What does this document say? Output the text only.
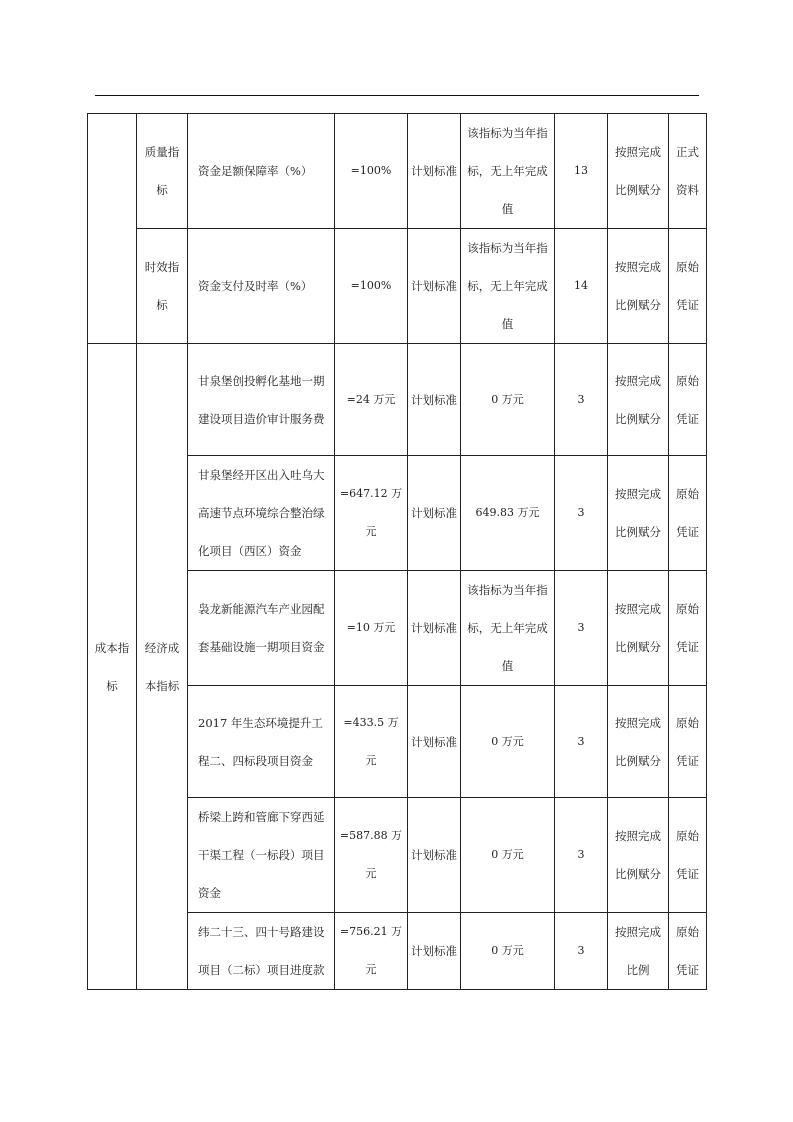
	质量指标	资金足额保障率（%）	=100%	计划标准	该指标为当年指标，无上年完成值	13	按照完成比例赋分	正式资料
	时效指标	资金支付及时率（%）	=100%	计划标准	该指标为当年指标，无上年完成值	14	按照完成比例赋分	原始凭证
成本指标	经济成本指标	甘泉堡创投孵化基地一期建设项目造价审计服务费	=24 万元	计划标准	0 万元	3	按照完成比例赋分	原始凭证
		甘泉堡经开区出入吐乌大高速节点环境综合整治绿化项目（西区）资金	=647.12 万元	计划标准	649.83 万元	3	按照完成比例赋分	原始凭证
		袅龙新能源汽车产业园配套基础设施一期项目资金	=10 万元	计划标准	该指标为当年指标，无上年完成值	3	按照完成比例赋分	原始凭证
		2017 年生态环境提升工程二、四标段项目资金	=433.5 万元	计划标准	0 万元	3	按照完成比例赋分	原始凭证
		桥梁上跨和管廊下穿西延干渠工程（一标段）项目资金	=587.88 万元	计划标准	0 万元	3	按照完成比例赋分	原始凭证
		纬二十三、四十号路建设项目（二标）项目进度款	=756.21 万元	计划标准	0 万元	3	按照完成比例	原始凭证
